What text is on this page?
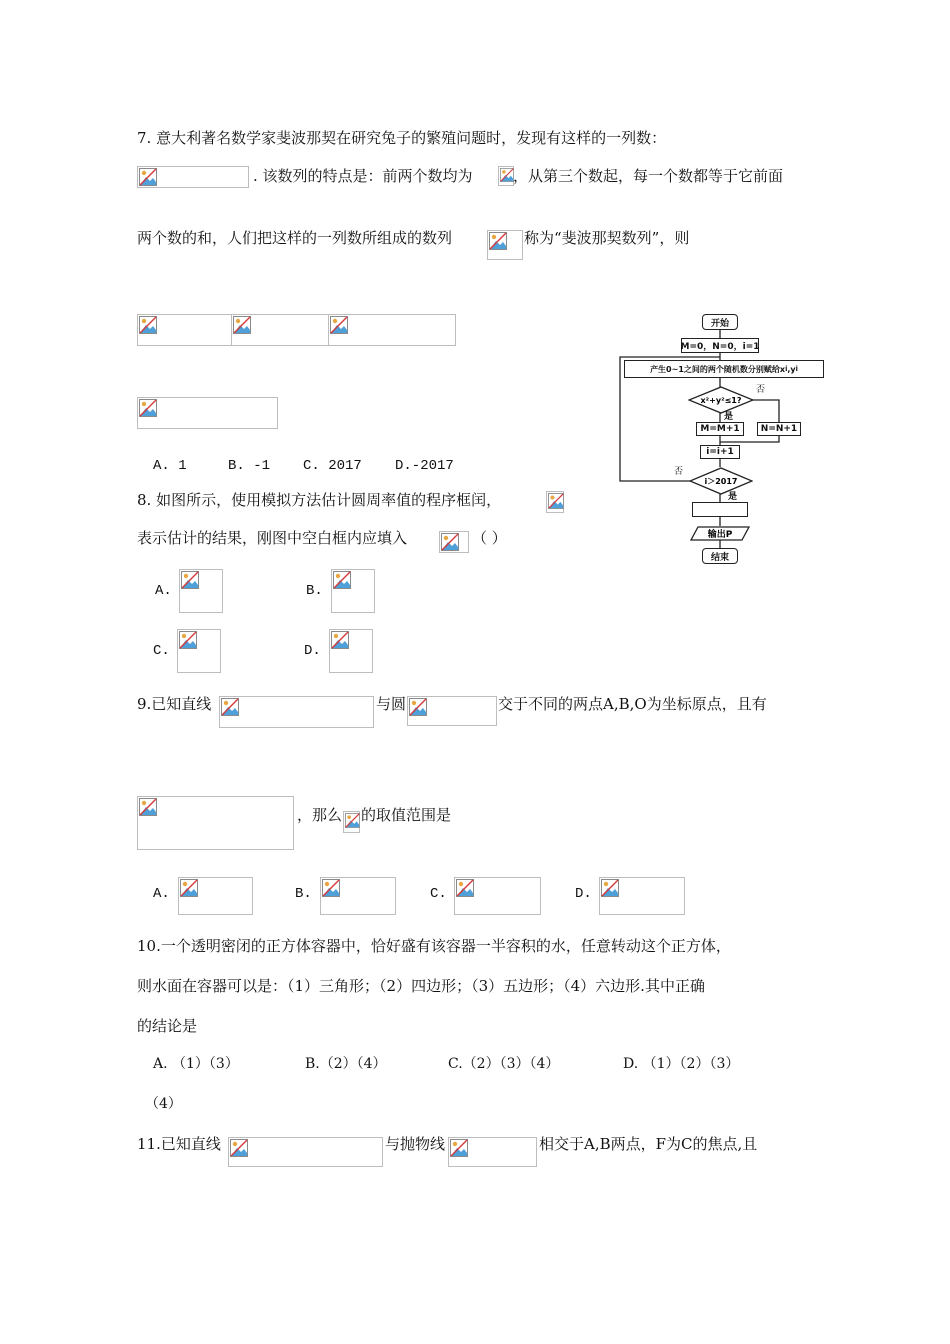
7. 意大利著名数学家斐波那契在研究兔子的繁殖问题时，发现有这样的一列数：
. 该数列的特点是：前两个数均为	，从第三个数起，每一个数都等于它前面
两个数的和，人们把这样的一列数所组成的数列	称为“斐波那契数列”，则
A. 1	B. -1 C. 2017 D.-2017
开始
M=0，N=0，i=1
产生0~1之间的两个随机数分别赋给x i ,y i
x²+y²≤1?
否
是
M=M+1	N=N+1
i=i+1
i＞2017
否
是
输出P
结束
8. 如图所示，使用模拟方法估计圆周率值的程序框闰，
表示估计的结果，刚图中空白框内应填入	（ ）
A.	B.
C.	D.
9.已知直线	与圆	交于不同的两点A,B,O为坐标原点，且有
，那么 的取值范围是
A.	B.	C.	D.
10.一个透明密闭的正方体容器中，恰好盛有该容器一半容积的水，任意转动这个正方体，
则水面在容器可以是：（1）三角形；（2）四边形；（3）五边形；（4）六边形.其中正确
的结论是
A. （1）（3）	B.（2）（4）	C.（2）（3）（4）	D. （1）（2）（3）
（4）
11.已知直线	与抛物线	相交于A,B两点，F为C的焦点,且
